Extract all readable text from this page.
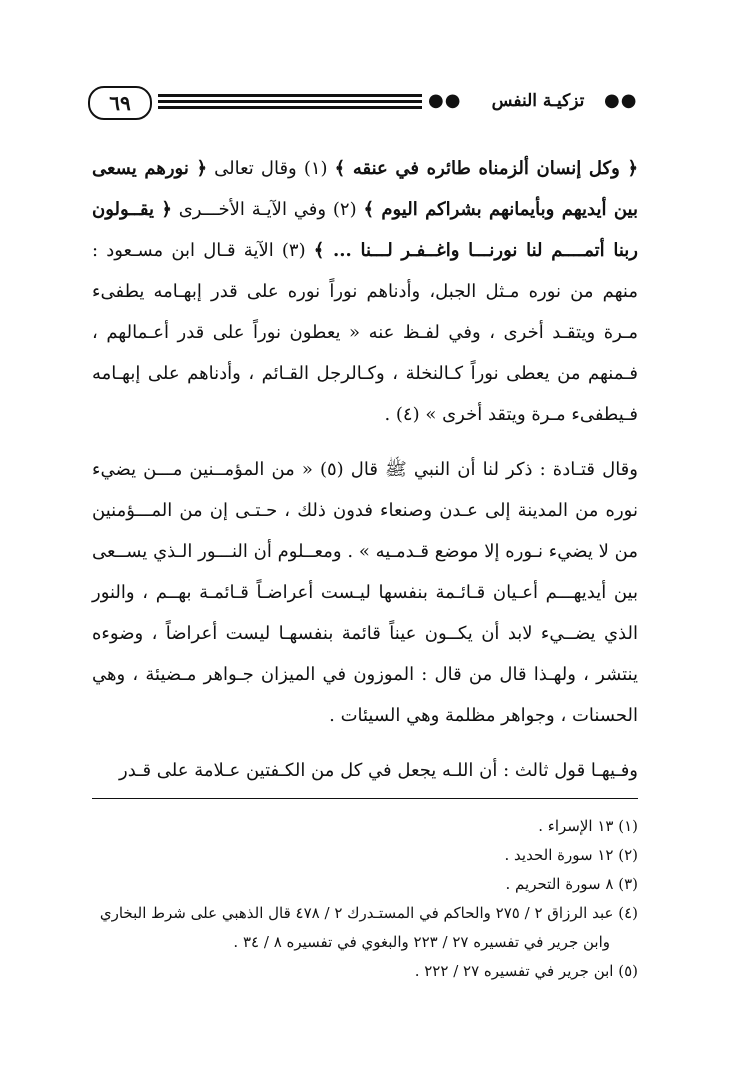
٦٩	●●	تزكيـة النفس	●●

﴿ وكل إنسان ألزمناه طائره في عنقه ﴾ (١) وقال تعالى ﴿ نورهم يسعى بين أيديهم وبأيمانهم بشراكم اليوم ﴾ (٢) وفي الآيـة الأخـــرى ﴿ يقــولون ربنا أتمــــم لنا نورنـــا واغــفـر لـــنا ... ﴾ (٣) الآية قـال ابن مسـعود : منهم من نوره مـثل الجبل، وأدناهم نوراً نوره على قدر إبهـامه يطفىء مـرة ويتقـد أخرى ، وفي لفـظ عنه « يعطون نوراً على قدر أعـمالهم ، فـمنهم من يعطى نوراً كـالنخلة ، وكـالرجل القـائم ، وأدناهم على إبهـامه فـيطفىء مـرة ويتقد أخرى » (٤) .

وقال قتـادة : ذكر لنا أن النبي ﷺ قال (٥) « من المؤمــنين مـــن يضيء نوره من المدينة إلى عـدن وصنعاء فدون ذلك ، حـتـى إن من المـــؤمنين من لا يضيء نـوره إلا موضع قـدمـيه » . ومعــلوم أن النـــور الـذي يســعى بين أيديهـــم أعـيان قـائـمة بنفسها ليـست أعراضـاً قـائمـة بهــم ، والنور الذي يضــيء لابد أن يكــون عيناً قائمة بنفسهـا ليست أعراضاً ، وضوءه ينتشر ، ولهـذا قال من قال : الموزون في الميزان جـواهر مـضيئة ، وهي الحسنات ، وجواهر مظلمة وهي السيئات .

وفـيهـا قول ثالث : أن اللـه يجعل في كل من الكـفتين عـلامة على قـدر

(١) ١٣ الإسراء .

(٢) ١٢ سورة الحديد .

(٣) ٨ سورة التحريم .

(٤) عبد الرزاق ٢ / ٢٧٥ والحاكم في المستـدرك ٢ / ٤٧٨ قال الذهبي على شرط البخاري

وابن جرير في تفسيره ٢٧ / ٢٢٣ والبغوي في تفسيره ٨ / ٣٤ .

(٥) ابن جرير في تفسيره ٢٧ / ٢٢٢ .
